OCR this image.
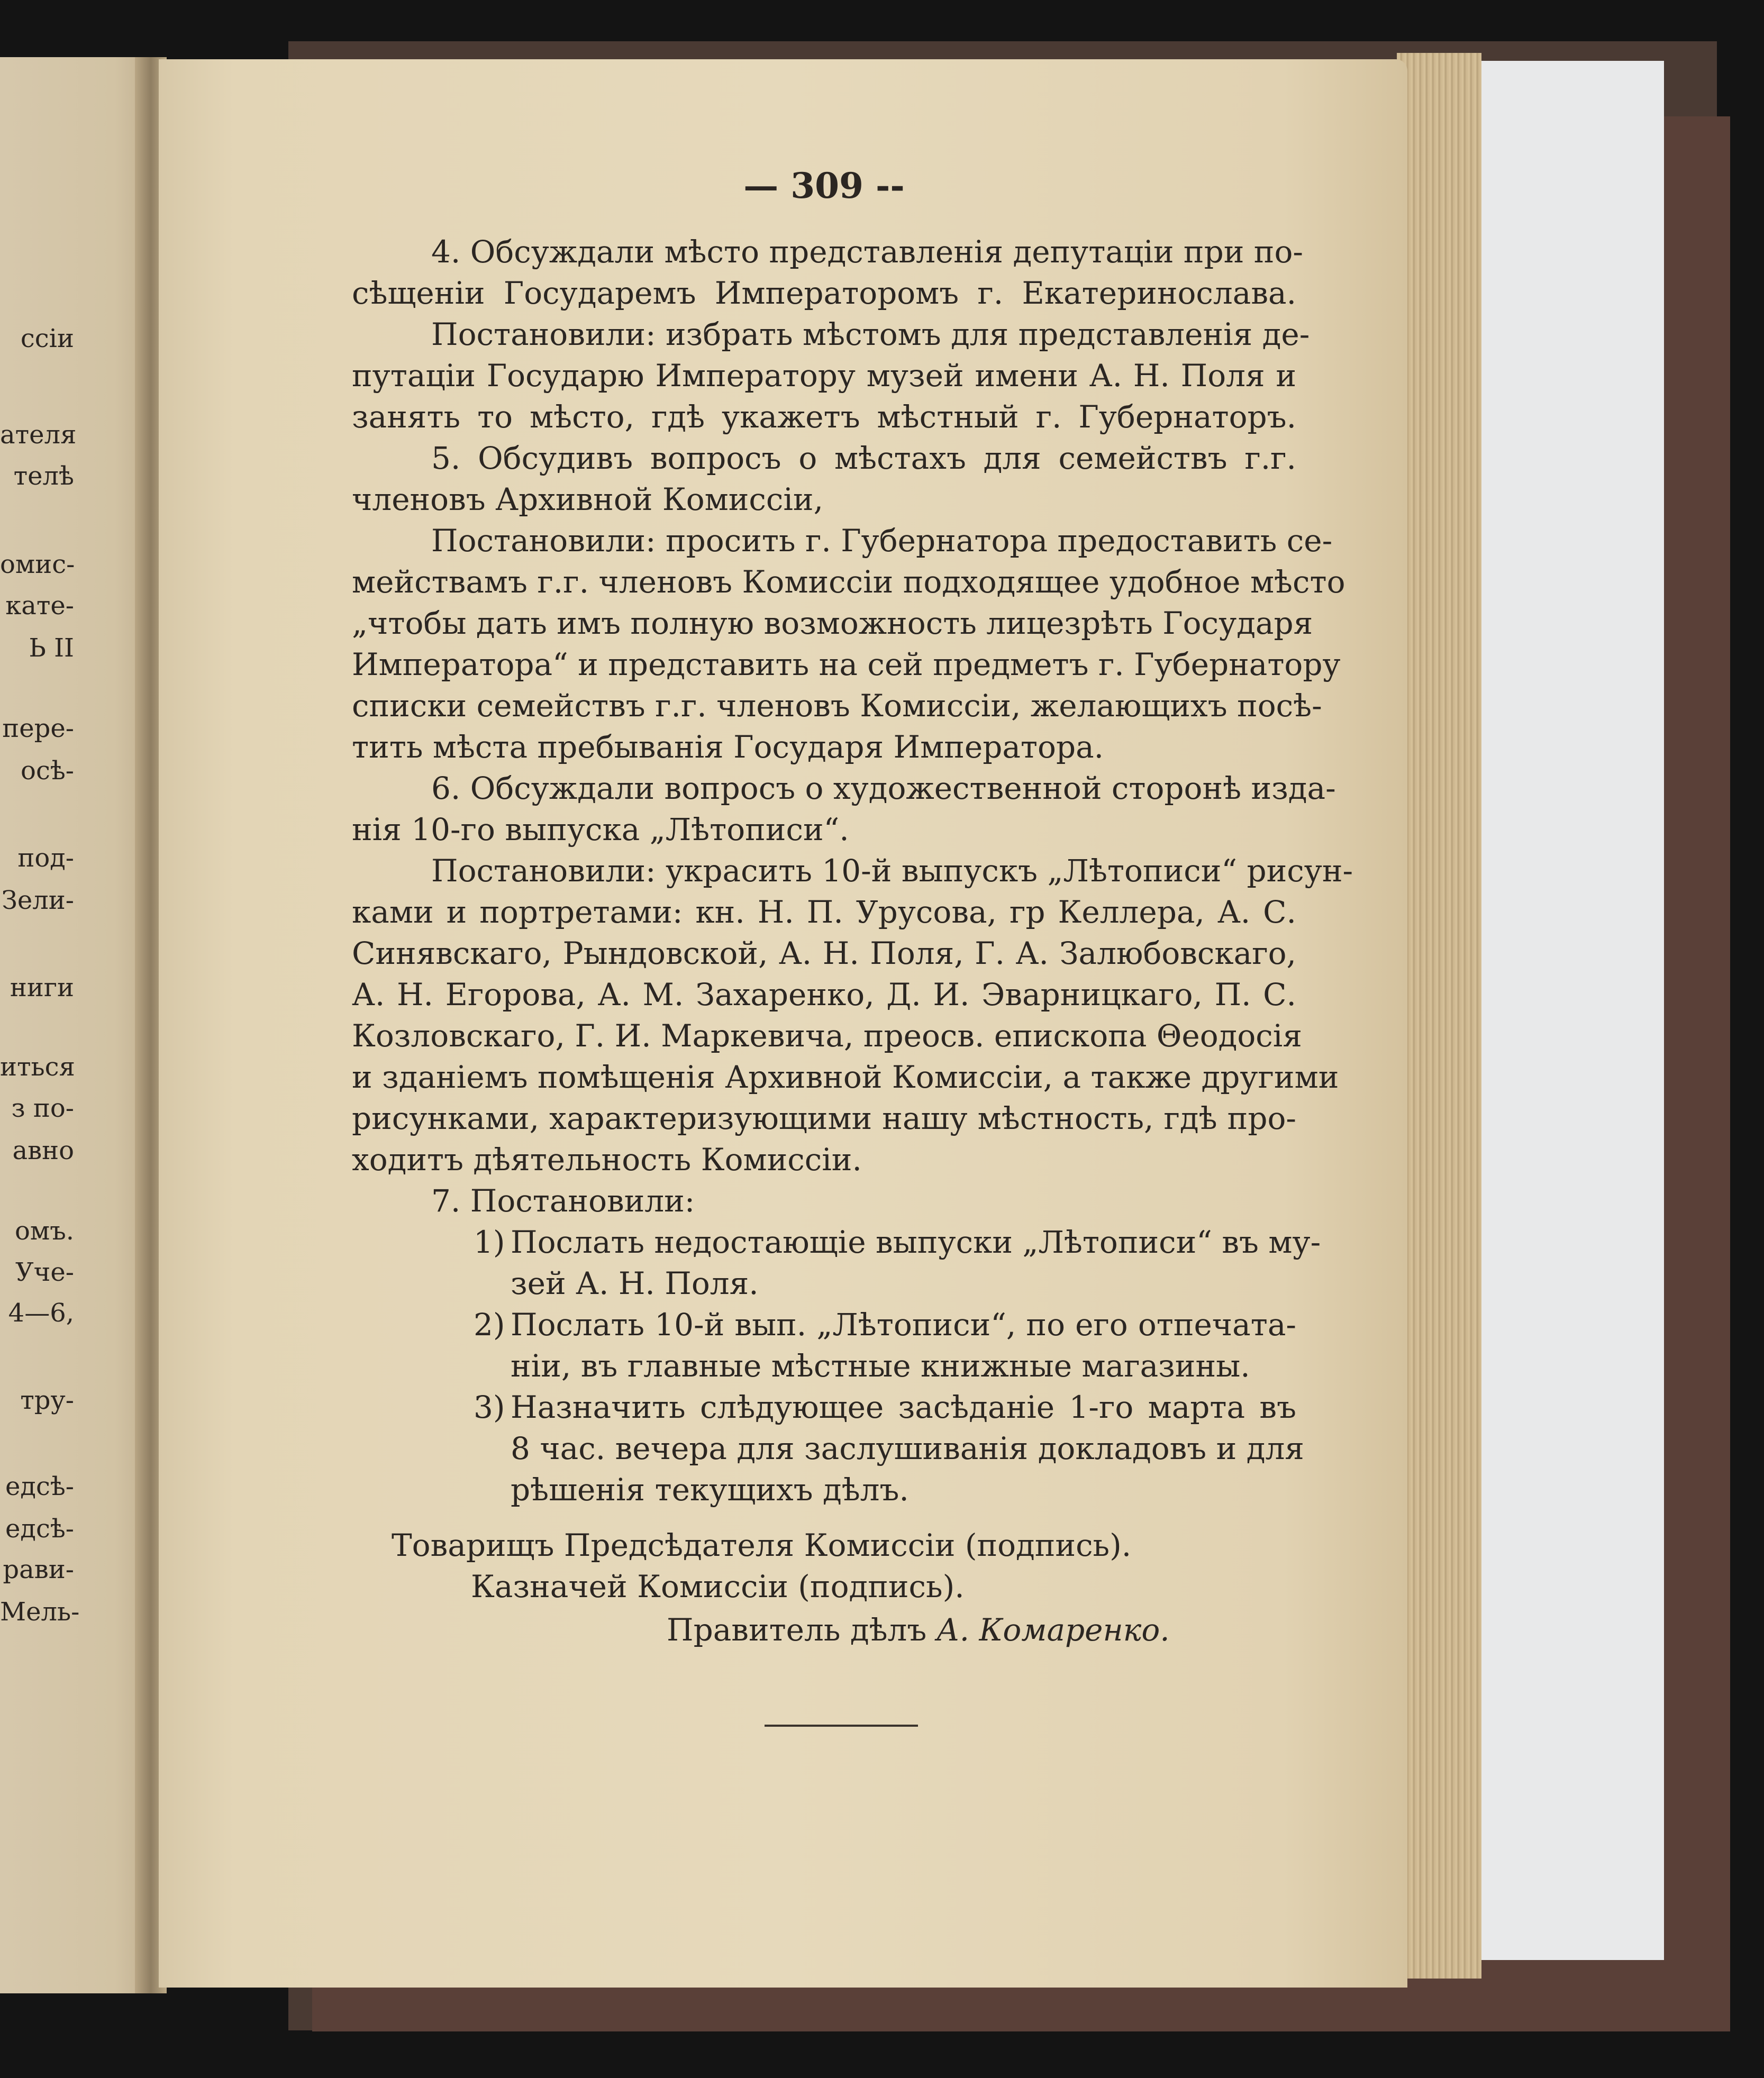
ссіи
ателя
телѣ
омис-
кате-
Ь II
пере-
осѣ-
под-
Зели-
ниги
иться
з по-
авно
омъ.
Уче-
4—6,
тру-
едсѣ-
едсѣ-
рави-
Мель-
— 309 --
4. Обсуждали мѣсто представленія депутаціи при по-
сѣщеніи Государемъ Императоромъ г. Екатеринослава.
Постановили: избрать мѣстомъ для представленія де-
путаціи Государю Императору музей имени А. Н. Поля и
занять то мѣсто, гдѣ укажетъ мѣстный г. Губернаторъ.
5. Обсудивъ вопросъ о мѣстахъ для семействъ г.г.
членовъ Архивной Комиссіи,
Постановили: просить г. Губернатора предоставить се-
мействамъ г.г. членовъ Комиссіи подходящее удобное мѣсто
„чтобы дать имъ полную возможность лицезрѣть Государя
Императора“ и представить на сей предметъ г. Губернатору
списки семействъ г.г. членовъ Комиссіи, желающихъ посѣ-
тить мѣста пребыванія Государя Императора.
6. Обсуждали вопросъ о художественной сторонѣ изда-
нія 10-го выпуска „Лѣтописи“.
Постановили: украсить 10-й выпускъ „Лѣтописи“ рисун-
ками и портретами: кн. Н. П. Урусова, гр Келлера, А. С.
Синявскаго, Рындовской, А. Н. Поля, Г. А. Залюбовскаго,
А. Н. Егорова, А. М. Захаренко, Д. И. Эварницкаго, П. С.
Козловскаго, Г. И. Маркевича, преосв. епископа Θеодосія
и зданіемъ помѣщенія Архивной Комиссіи, а также другими
рисунками, характеризующими нашу мѣстность, гдѣ про-
ходитъ дѣятельность Комиссіи.
7. Постановили:
1) Послать недостающіе выпуски „Лѣтописи“ въ му-
зей А. Н. Поля.
2) Послать 10-й вып. „Лѣтописи“, по его отпечата-
ніи, въ главные мѣстные книжные магазины.
3) Назначить слѣдующее засѣданіе 1-го марта въ
8 час. вечера для заслушиванія докладовъ и для
рѣшенія текущихъ дѣлъ.
Товарищъ Предсѣдателя Комиссіи (подпись).
Казначей Комиссіи (подпись).
Правитель дѣлъ А. Комаренко.
